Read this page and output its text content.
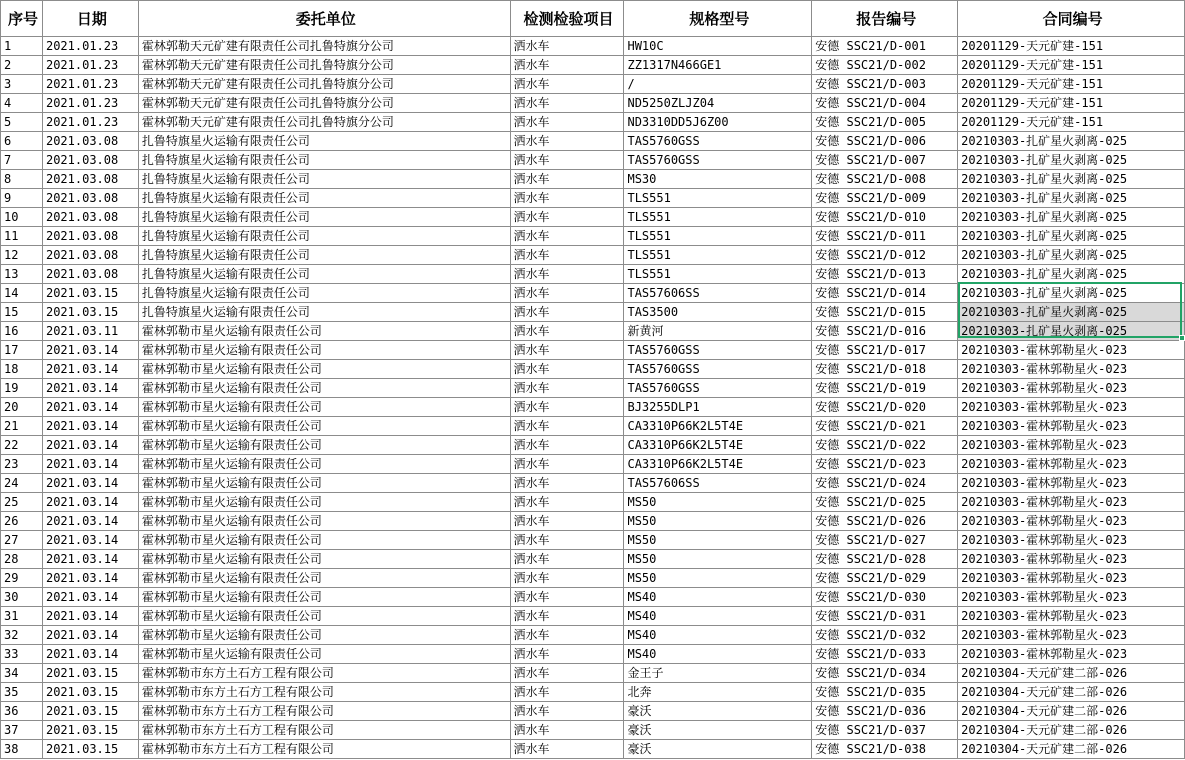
序号	日期	委托单位	检测检验项目	规格型号	报告编号	合同编号
1	2021.01.23	霍林郭勒天元矿建有限责任公司扎鲁特旗分公司	洒水车	HW10C	安德 SSC21/D-001	20201129-天元矿建-151
2	2021.01.23	霍林郭勒天元矿建有限责任公司扎鲁特旗分公司	洒水车	ZZ1317N466GE1	安德 SSC21/D-002	20201129-天元矿建-151
3	2021.01.23	霍林郭勒天元矿建有限责任公司扎鲁特旗分公司	洒水车	/	安德 SSC21/D-003	20201129-天元矿建-151
4	2021.01.23	霍林郭勒天元矿建有限责任公司扎鲁特旗分公司	洒水车	ND5250ZLJZ04	安德 SSC21/D-004	20201129-天元矿建-151
5	2021.01.23	霍林郭勒天元矿建有限责任公司扎鲁特旗分公司	洒水车	ND3310DD5J6Z00	安德 SSC21/D-005	20201129-天元矿建-151
6	2021.03.08	扎鲁特旗星火运输有限责任公司	洒水车	TAS5760GSS	安德 SSC21/D-006	20210303-扎矿星火剥离-025
7	2021.03.08	扎鲁特旗星火运输有限责任公司	洒水车	TAS5760GSS	安德 SSC21/D-007	20210303-扎矿星火剥离-025
8	2021.03.08	扎鲁特旗星火运输有限责任公司	洒水车	MS30	安德 SSC21/D-008	20210303-扎矿星火剥离-025
9	2021.03.08	扎鲁特旗星火运输有限责任公司	洒水车	TLS551	安德 SSC21/D-009	20210303-扎矿星火剥离-025
10	2021.03.08	扎鲁特旗星火运输有限责任公司	洒水车	TLS551	安德 SSC21/D-010	20210303-扎矿星火剥离-025
11	2021.03.08	扎鲁特旗星火运输有限责任公司	洒水车	TLS551	安德 SSC21/D-011	20210303-扎矿星火剥离-025
12	2021.03.08	扎鲁特旗星火运输有限责任公司	洒水车	TLS551	安德 SSC21/D-012	20210303-扎矿星火剥离-025
13	2021.03.08	扎鲁特旗星火运输有限责任公司	洒水车	TLS551	安德 SSC21/D-013	20210303-扎矿星火剥离-025
14	2021.03.15	扎鲁特旗星火运输有限责任公司	洒水车	TAS57606SS	安德 SSC21/D-014	20210303-扎矿星火剥离-025
15	2021.03.15	扎鲁特旗星火运输有限责任公司	洒水车	TAS3500	安德 SSC21/D-015	20210303-扎矿星火剥离-025
16	2021.03.11	霍林郭勒市星火运输有限责任公司	洒水车	新黄河	安德 SSC21/D-016	20210303-扎矿星火剥离-025
17	2021.03.14	霍林郭勒市星火运输有限责任公司	洒水车	TAS5760GSS	安德 SSC21/D-017	20210303-霍林郭勒星火-023
18	2021.03.14	霍林郭勒市星火运输有限责任公司	洒水车	TAS5760GSS	安德 SSC21/D-018	20210303-霍林郭勒星火-023
19	2021.03.14	霍林郭勒市星火运输有限责任公司	洒水车	TAS5760GSS	安德 SSC21/D-019	20210303-霍林郭勒星火-023
20	2021.03.14	霍林郭勒市星火运输有限责任公司	洒水车	BJ3255DLP1	安德 SSC21/D-020	20210303-霍林郭勒星火-023
21	2021.03.14	霍林郭勒市星火运输有限责任公司	洒水车	CA3310P66K2L5T4E	安德 SSC21/D-021	20210303-霍林郭勒星火-023
22	2021.03.14	霍林郭勒市星火运输有限责任公司	洒水车	CA3310P66K2L5T4E	安德 SSC21/D-022	20210303-霍林郭勒星火-023
23	2021.03.14	霍林郭勒市星火运输有限责任公司	洒水车	CA3310P66K2L5T4E	安德 SSC21/D-023	20210303-霍林郭勒星火-023
24	2021.03.14	霍林郭勒市星火运输有限责任公司	洒水车	TAS57606SS	安德 SSC21/D-024	20210303-霍林郭勒星火-023
25	2021.03.14	霍林郭勒市星火运输有限责任公司	洒水车	MS50	安德 SSC21/D-025	20210303-霍林郭勒星火-023
26	2021.03.14	霍林郭勒市星火运输有限责任公司	洒水车	MS50	安德 SSC21/D-026	20210303-霍林郭勒星火-023
27	2021.03.14	霍林郭勒市星火运输有限责任公司	洒水车	MS50	安德 SSC21/D-027	20210303-霍林郭勒星火-023
28	2021.03.14	霍林郭勒市星火运输有限责任公司	洒水车	MS50	安德 SSC21/D-028	20210303-霍林郭勒星火-023
29	2021.03.14	霍林郭勒市星火运输有限责任公司	洒水车	MS50	安德 SSC21/D-029	20210303-霍林郭勒星火-023
30	2021.03.14	霍林郭勒市星火运输有限责任公司	洒水车	MS40	安德 SSC21/D-030	20210303-霍林郭勒星火-023
31	2021.03.14	霍林郭勒市星火运输有限责任公司	洒水车	MS40	安德 SSC21/D-031	20210303-霍林郭勒星火-023
32	2021.03.14	霍林郭勒市星火运输有限责任公司	洒水车	MS40	安德 SSC21/D-032	20210303-霍林郭勒星火-023
33	2021.03.14	霍林郭勒市星火运输有限责任公司	洒水车	MS40	安德 SSC21/D-033	20210303-霍林郭勒星火-023
34	2021.03.15	霍林郭勒市东方土石方工程有限公司	洒水车	金王子	安德 SSC21/D-034	20210304-天元矿建二部-026
35	2021.03.15	霍林郭勒市东方土石方工程有限公司	洒水车	北奔	安德 SSC21/D-035	20210304-天元矿建二部-026
36	2021.03.15	霍林郭勒市东方土石方工程有限公司	洒水车	豪沃	安德 SSC21/D-036	20210304-天元矿建二部-026
37	2021.03.15	霍林郭勒市东方土石方工程有限公司	洒水车	豪沃	安德 SSC21/D-037	20210304-天元矿建二部-026
38	2021.03.15	霍林郭勒市东方土石方工程有限公司	洒水车	豪沃	安德 SSC21/D-038	20210304-天元矿建二部-026
